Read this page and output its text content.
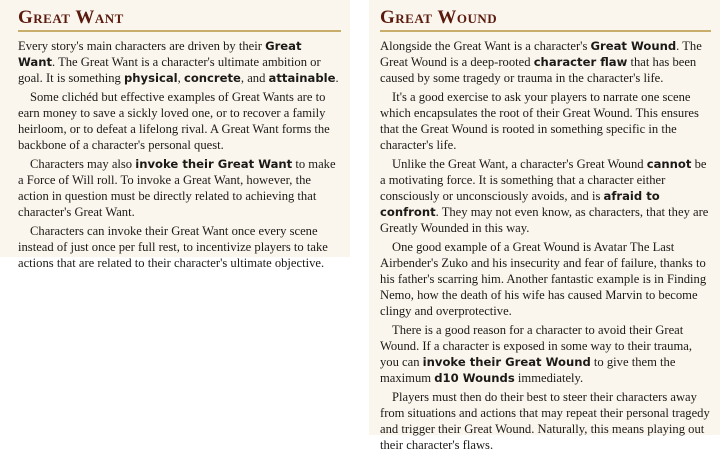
Great Want

Every story's main characters are driven by their Great Want. The Great Want is a character's ultimate ambition or goal. It is something physical, concrete, and attainable.

Some clichéd but effective examples of Great Wants are to earn money to save a sickly loved one, or to recover a family heirloom, or to defeat a lifelong rival. A Great Want forms the backbone of a character's personal quest.

Characters may also invoke their Great Want to make a Force of Will roll. To invoke a Great Want, however, the action in question must be directly related to achieving that character's Great Want.

Characters can invoke their Great Want once every scene instead of just once per full rest, to incentivize players to take actions that are related to their character's ultimate objective.

Great Wound

Alongside the Great Want is a character's Great Wound. The Great Wound is a deep-rooted character flaw that has been caused by some tragedy or trauma in the character's life.

It's a good exercise to ask your players to narrate one scene which encapsulates the root of their Great Wound. This ensures that the Great Wound is rooted in something specific in the character's life.

Unlike the Great Want, a character's Great Wound cannot be a motivating force. It is something that a character either consciously or unconsciously avoids, and is afraid to confront. They may not even know, as characters, that they are Greatly Wounded in this way.

One good example of a Great Wound is Avatar The Last Airbender's Zuko and his insecurity and fear of failure, thanks to his father's scarring him. Another fantastic example is in Finding Nemo, how the death of his wife has caused Marvin to become clingy and overprotective.

There is a good reason for a character to avoid their Great Wound. If a character is exposed in some way to their trauma, you can invoke their Great Wound to give them the maximum d10 Wounds immediately.

Players must then do their best to steer their characters away from situations and actions that may repeat their personal tragedy and trigger their Great Wound. Naturally, this means playing out their character's flaws.
